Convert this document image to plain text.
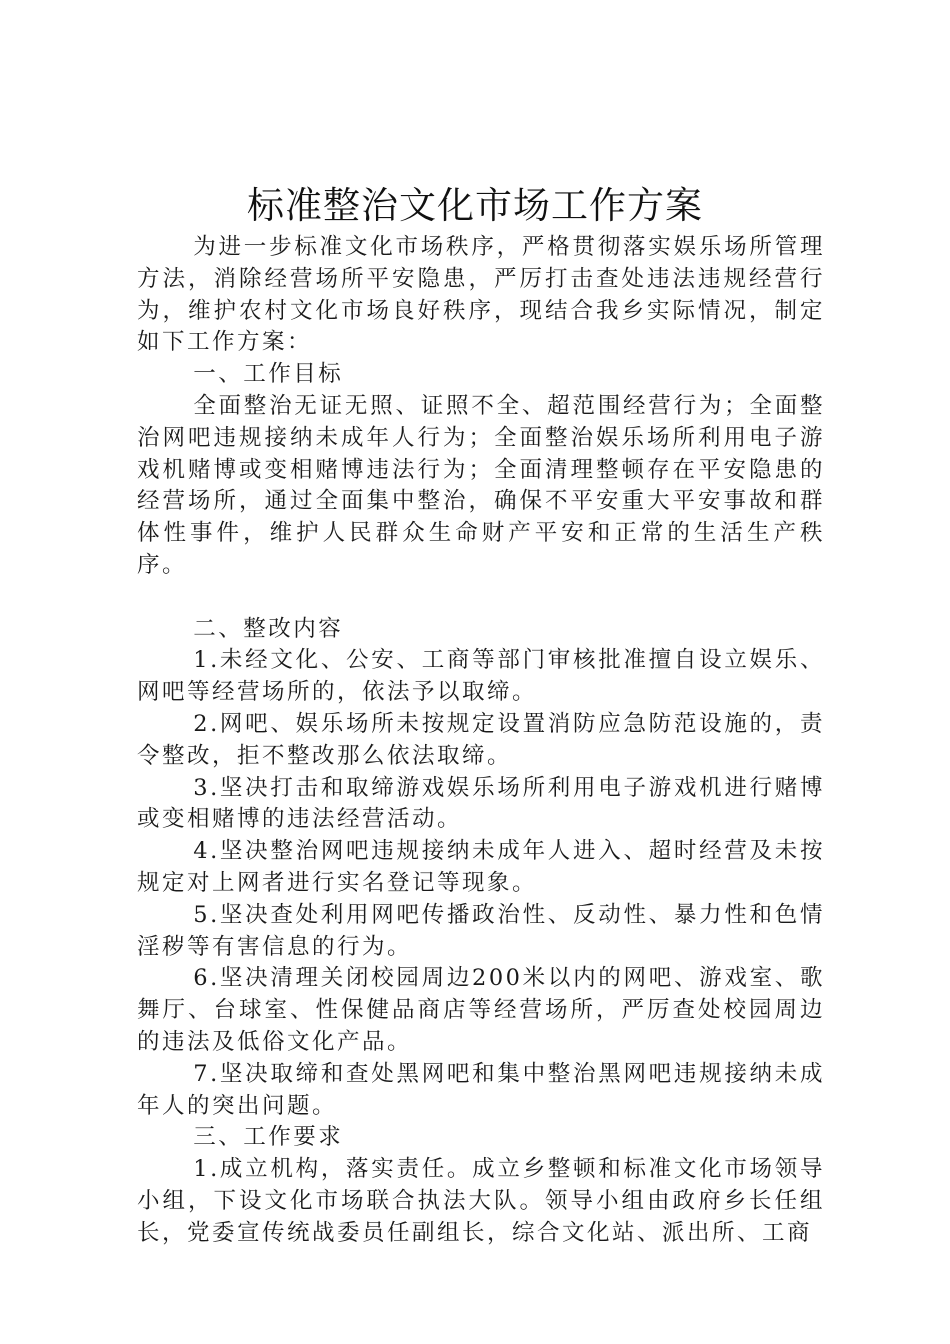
标准整治文化市场工作方案

为进一步标准文化市场秩序，严格贯彻落实娱乐场所管理方法，消除经营场所平安隐患，严厉打击查处违法违规经营行为，维护农村文化市场良好秩序，现结合我乡实际情况，制定如下工作方案：

一、工作目标

全面整治无证无照、证照不全、超范围经营行为；全面整治网吧违规接纳未成年人行为；全面整治娱乐场所利用电子游戏机赌博或变相赌博违法行为；全面清理整顿存在平安隐患的经营场所，通过全面集中整治，确保不平安重大平安事故和群体性事件，维护人民群众生命财产平安和正常的生活生产秩序。

二、整改内容

1.未经文化、公安、工商等部门审核批准擅自设立娱乐、网吧等经营场所的，依法予以取缔。

2.网吧、娱乐场所未按规定设置消防应急防范设施的，责令整改，拒不整改那么依法取缔。

3.坚决打击和取缔游戏娱乐场所利用电子游戏机进行赌博或变相赌博的违法经营活动。

4.坚决整治网吧违规接纳未成年人进入、超时经营及未按规定对上网者进行实名登记等现象。

5.坚决查处利用网吧传播政治性、反动性、暴力性和色情淫秽等有害信息的行为。

6.坚决清理关闭校园周边200米以内的网吧、游戏室、歌舞厅、台球室、性保健品商店等经营场所，严厉查处校园周边的违法及低俗文化产品。

7.坚决取缔和查处黑网吧和集中整治黑网吧违规接纳未成年人的突出问题。

三、工作要求

1.成立机构，落实责任。成立乡整顿和标准文化市场领导小组，下设文化市场联合执法大队。领导小组由政府乡长任组长，党委宣传统战委员任副组长，综合文化站、派出所、工商
